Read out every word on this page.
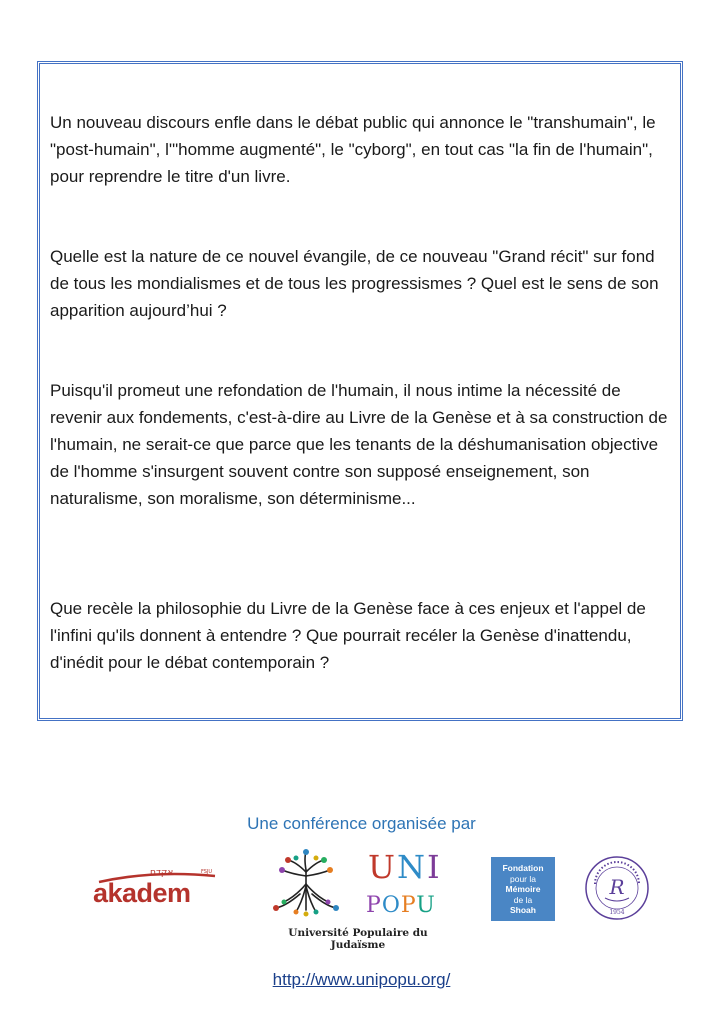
Un nouveau discours enfle dans le débat public qui annonce le "transhumain", le "post-humain", l'"homme augmenté", le "cyborg", en tout cas "la fin de l'humain", pour reprendre le titre d'un livre.

Quelle est la nature de ce nouvel évangile, de ce nouveau "Grand récit" sur fond de tous les mondialismes et de tous les progressismes ? Quel est le sens de son apparition aujourd’hui ?

Puisqu'il promeut une refondation de l'humain, il nous intime la nécessité de revenir aux fondements, c'est-à-dire au Livre de la Genèse et à sa construction de l'humain, ne serait-ce que parce que les tenants de la déshumanisation objective de l'homme s'insurgent souvent contre son supposé enseignement, son naturalisme, son moralisme, son déterminisme...

Que recèle la philosophie du Livre de la Genèse face à ces enjeux et l'appel de l'infini qu'ils donnent à entendre ? Que pourrait recéler la Genèse d'inattendu, d'inédit pour le débat contemporain ?

Une conférence organisée par
אקדם	FSJU
akadem
UNI
POPU
Université Populaire du Judaïsme
Fondation
pour la
Mémoire
de la
Shoah
R
1954
http://www.unipopu.org/
